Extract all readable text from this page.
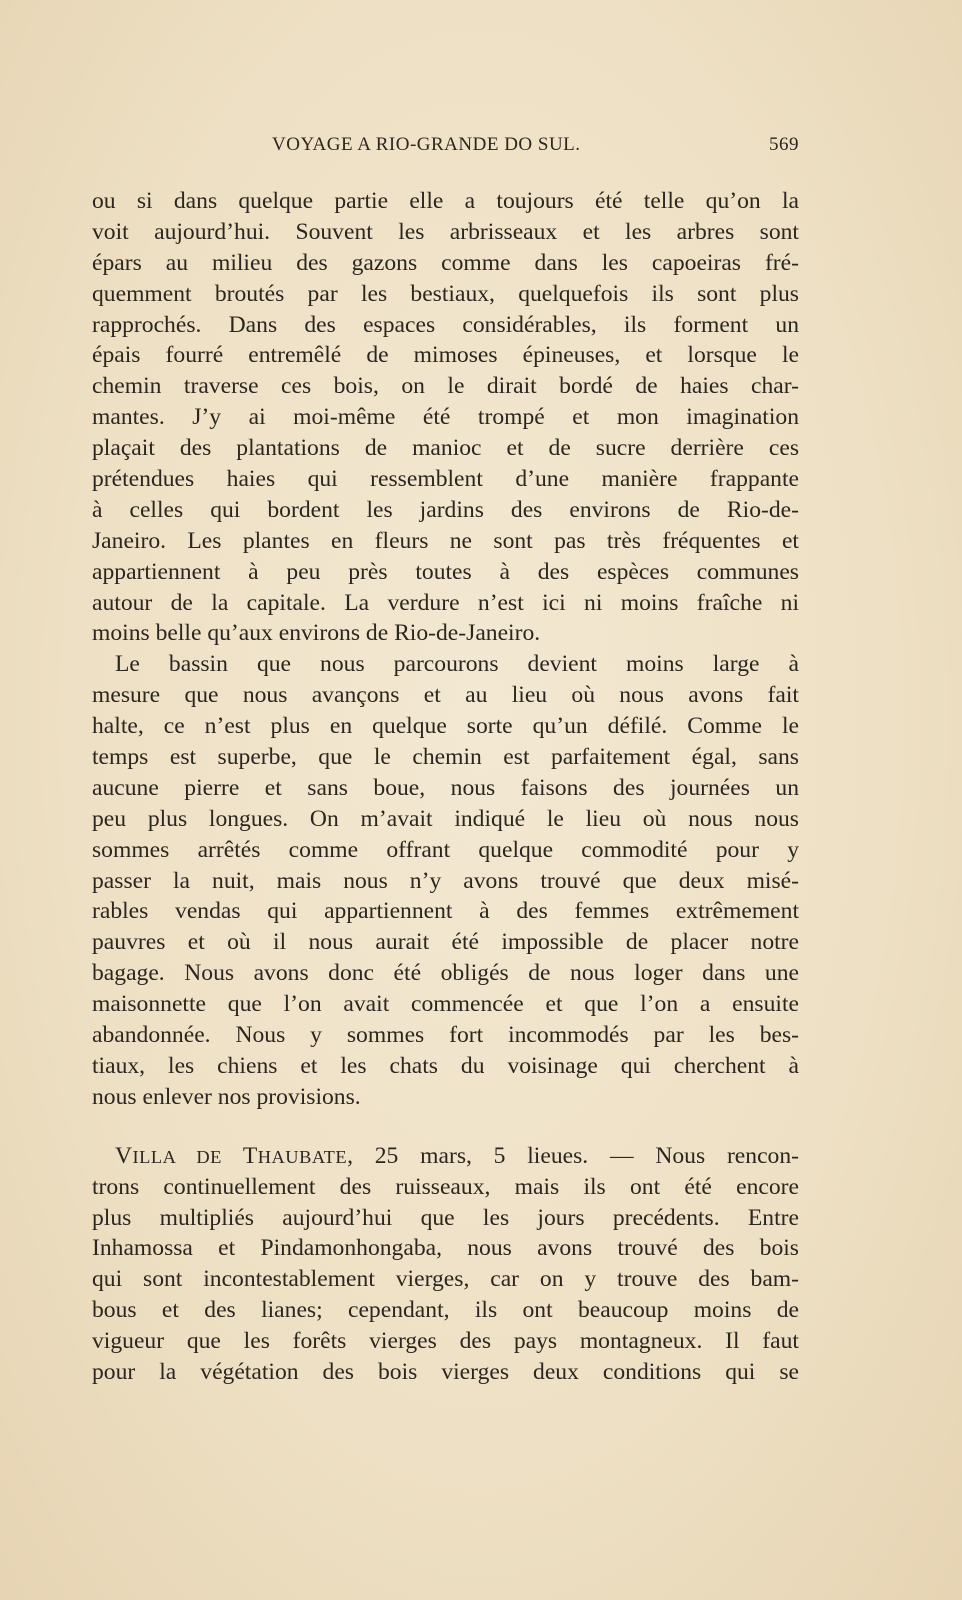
VOYAGE A RIO-GRANDE DO SUL.	569
ou si dans quelque partie elle a toujours été telle qu’on la
voit aujourd’hui. Souvent les arbrisseaux et les arbres sont
épars au milieu des gazons comme dans les capoeiras fré-
quemment broutés par les bestiaux, quelquefois ils sont plus
rapprochés. Dans des espaces considérables, ils forment un
épais fourré entremêlé de mimoses épineuses, et lorsque le
chemin traverse ces bois, on le dirait bordé de haies char-
mantes. J’y ai moi-même été trompé et mon imagination
plaçait des plantations de manioc et de sucre derrière ces
prétendues haies qui ressemblent d’une manière frappante
à celles qui bordent les jardins des environs de Rio-de-
Janeiro. Les plantes en fleurs ne sont pas très fréquentes et
appartiennent à peu près toutes à des espèces communes
autour de la capitale. La verdure n’est ici ni moins fraîche ni
moins belle qu’aux environs de Rio-de-Janeiro.
Le bassin que nous parcourons devient moins large à
mesure que nous avançons et au lieu où nous avons fait
halte, ce n’est plus en quelque sorte qu’un défilé. Comme le
temps est superbe, que le chemin est parfaitement égal, sans
aucune pierre et sans boue, nous faisons des journées un
peu plus longues. On m’avait indiqué le lieu où nous nous
sommes arrêtés comme offrant quelque commodité pour y
passer la nuit, mais nous n’y avons trouvé que deux misé-
rables vendas qui appartiennent à des femmes extrêmement
pauvres et où il nous aurait été impossible de placer notre
bagage. Nous avons donc été obligés de nous loger dans une
maisonnette que l’on avait commencée et que l’on a ensuite
abandonnée. Nous y sommes fort incommodés par les bes-
tiaux, les chiens et les chats du voisinage qui cherchent à
nous enlever nos provisions.
VILLA DE THAUBATE, 25 mars, 5 lieues. — Nous rencon-
trons continuellement des ruisseaux, mais ils ont été encore
plus multipliés aujourd’hui que les jours precédents. Entre
Inhamossa et Pindamonhongaba, nous avons trouvé des bois
qui sont incontestablement vierges, car on y trouve des bam-
bous et des lianes; cependant, ils ont beaucoup moins de
vigueur que les forêts vierges des pays montagneux. Il faut
pour la végétation des bois vierges deux conditions qui se
